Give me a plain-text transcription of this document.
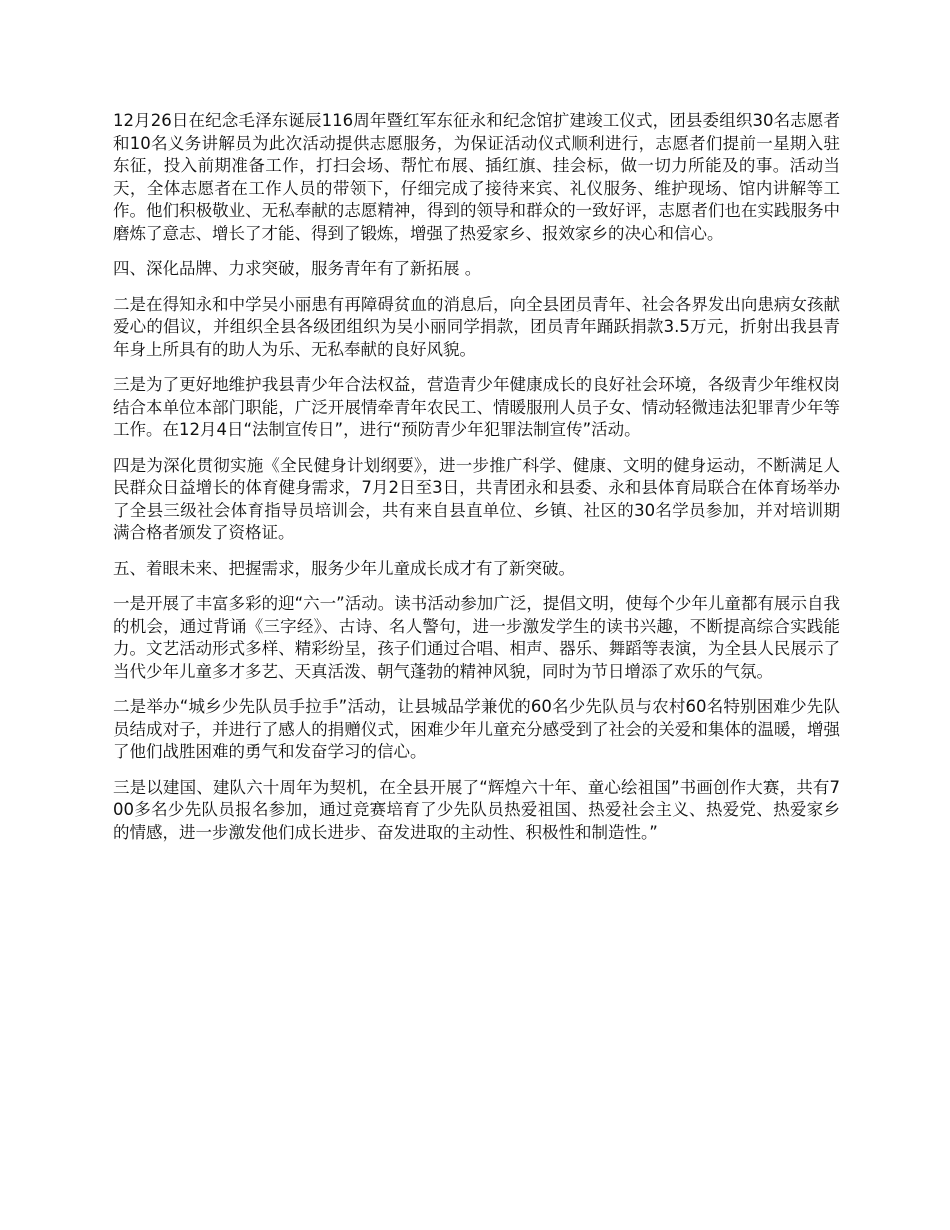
12月26日在纪念毛泽东诞辰116周年暨红军东征永和纪念馆扩建竣工仪式，团县委组织30名志愿者和10名义务讲解员为此次活动提供志愿服务，为保证活动仪式顺利进行，志愿者们提前一星期入驻东征，投入前期准备工作，打扫会场、帮忙布展、插红旗、挂会标，做一切力所能及的事。活动当天，全体志愿者在工作人员的带领下，仔细完成了接待来宾、礼仪服务、维护现场、馆内讲解等工作。他们积极敬业、无私奉献的志愿精神，得到的领导和群众的一致好评，志愿者们也在实践服务中磨炼了意志、增长了才能、得到了锻炼，增强了热爱家乡、报效家乡的决心和信心。

四、深化品牌、力求突破，服务青年有了新拓展 。

二是在得知永和中学吴小丽患有再障碍贫血的消息后，向全县团员青年、社会各界发出向患病女孩献爱心的倡议，并组织全县各级团组织为吴小丽同学捐款，团员青年踊跃捐款3.5万元，折射出我县青年身上所具有的助人为乐、无私奉献的良好风貌。

三是为了更好地维护我县青少年合法权益，营造青少年健康成长的良好社会环境，各级青少年维权岗结合本单位本部门职能，广泛开展情牵青年农民工、情暖服刑人员子女、情动轻微违法犯罪青少年等工作。在12月4日“法制宣传日”，进行“预防青少年犯罪法制宣传”活动。

四是为深化贯彻实施《全民健身计划纲要》，进一步推广科学、健康、文明的健身运动，不断满足人民群众日益增长的体育健身需求，7月2日至3日，共青团永和县委、永和县体育局联合在体育场举办了全县三级社会体育指导员培训会，共有来自县直单位、乡镇、社区的30名学员参加，并对培训期满合格者颁发了资格证。

五、着眼未来、把握需求，服务少年儿童成长成才有了新突破。

一是开展了丰富多彩的迎“六一”活动。读书活动参加广泛，提倡文明，使每个少年儿童都有展示自我的机会，通过背诵《三字经》、古诗、名人警句，进一步激发学生的读书兴趣，不断提高综合实践能力。文艺活动形式多样、精彩纷呈，孩子们通过合唱、相声、器乐、舞蹈等表演，为全县人民展示了当代少年儿童多才多艺、天真活泼、朝气蓬勃的精神风貌，同时为节日增添了欢乐的气氛。

二是举办“城乡少先队员手拉手”活动，让县城品学兼优的60名少先队员与农村60名特别困难少先队员结成对子，并进行了感人的捐赠仪式，困难少年儿童充分感受到了社会的关爱和集体的温暖，增强了他们战胜困难的勇气和发奋学习的信心。

三是以建国、建队六十周年为契机，在全县开展了“辉煌六十年、童心绘祖国”书画创作大赛，共有700多名少先队员报名参加，通过竞赛培育了少先队员热爱祖国、热爱社会主义、热爱党、热爱家乡的情感，进一步激发他们成长进步、奋发进取的主动性、积极性和制造性。”
